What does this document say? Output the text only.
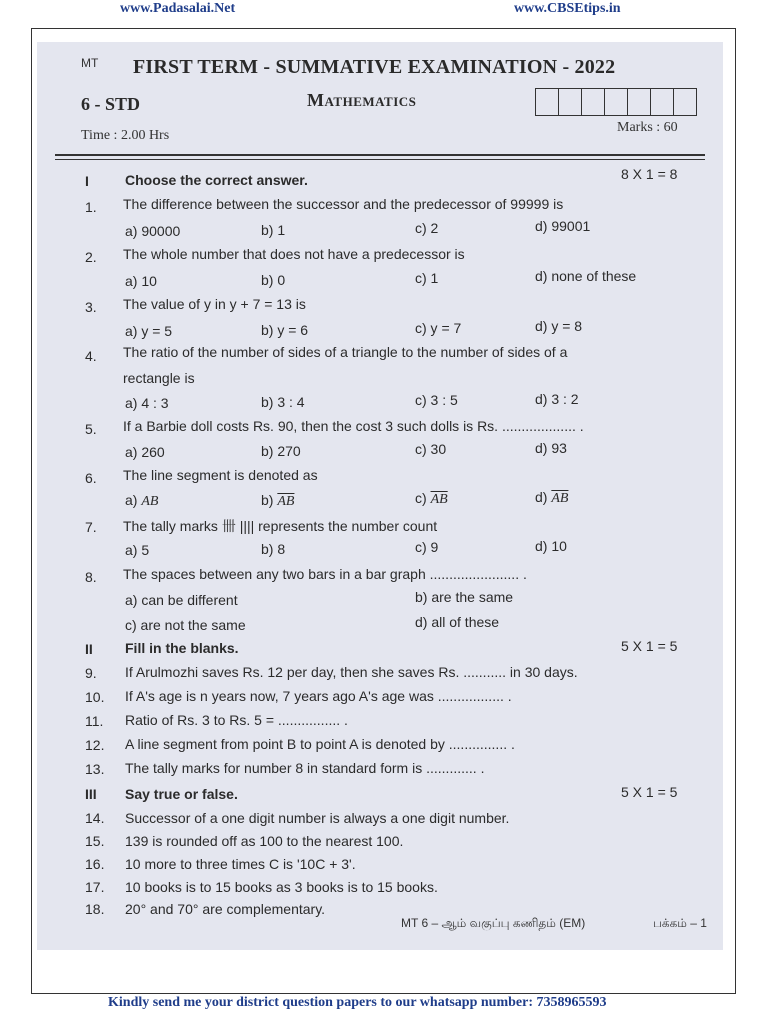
www.Padasalai.Net	www.CBSEtips.in
MT FIRST TERM - SUMMATIVE EXAMINATION - 2022
6 - STD	Mathematics
Time : 2.00 Hrs
Marks : 60
I	Choose the correct answer.	8 X 1 = 8
1. The difference between the successor and the predecessor of 99999 is
a) 90000	b) 1	c) 2	d) 99001
2. The whole number that does not have a predecessor is
a) 10	b) 0	c) 1	d) none of these
3. The value of y in y + 7 = 13 is
a) y = 5	b) y = 6	c) y = 7	d) y = 8
4. The ratio of the number of sides of a triangle to the number of sides of a
rectangle is
a) 4 : 3	b) 3 : 4	c) 3 : 5	d) 3 : 2
5. If a Barbie doll costs Rs. 90, then the cost 3 such dolls is Rs. ................... .
a) 260	b) 270	c) 30	d) 93
6. The line segment is denoted as
a) AB	b) $\overline{AB}$	c) $\overline{AB}$	d) $\overline{AB}$
7. The tally marks 卌 |||| represents the number count
a) 5	b) 8	c) 9	d) 10
8. The spaces between any two bars in a bar graph ....................... .
a) can be different	b) are the same
c) are not the same	d) all of these
II Fill in the blanks.	5 X 1 = 5
9. If Arulmozhi saves Rs. 12 per day, then she saves Rs. ........... in 30 days.
10. If A's age is n years now, 7 years ago A's age was ................. .
11. Ratio of Rs. 3 to Rs. 5 = ................ .
12. A line segment from point B to point A is denoted by ............... .
13. The tally marks for number 8 in standard form is ............. .
III Say true or false.	5 X 1 = 5
14. Successor of a one digit number is always a one digit number.
15. 139 is rounded off as 100 to the nearest 100.
16. 10 more to three times C is '10C + 3'.
17. 10 books is to 15 books as 3 books is to 15 books.
18. 20° and 70° are complementary.
MT 6 – ஆம் வகுப்பு கணிதம் (EM)	பக்கம் – 1
Kindly send me your district question papers to our whatsapp number: 7358965593
